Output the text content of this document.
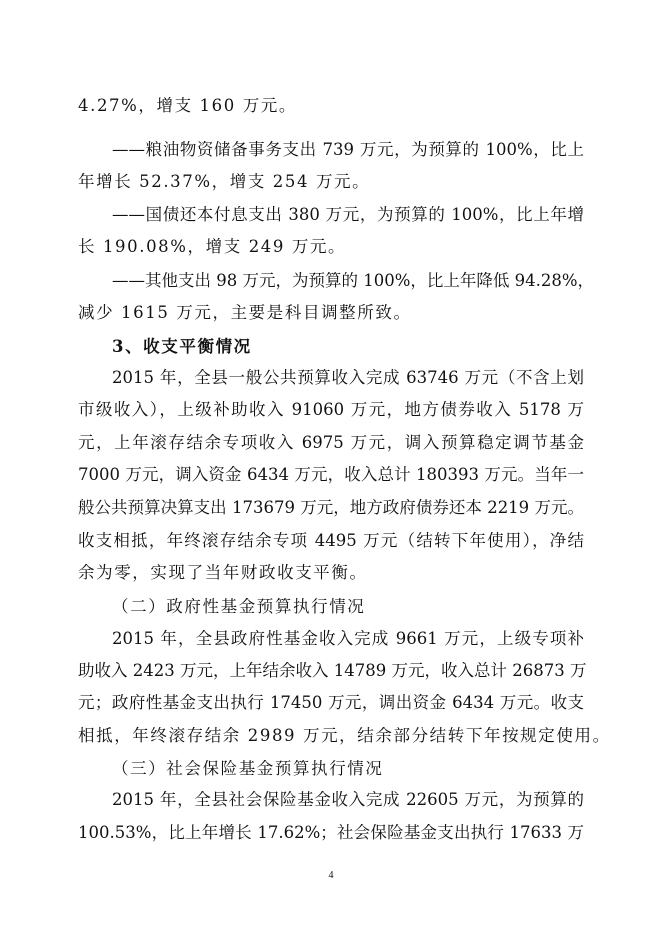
4.27%，增支 160 万元。
——粮油物资储备事务支出 739 万元，为预算的 100%，比上
年增长 52.37%，增支 254 万元。
——国债还本付息支出 380 万元，为预算的 100%，比上年增
长 190.08%，增支 249 万元。
——其他支出 98 万元，为预算的 100%，比上年降低 94.28%，
减少 1615 万元，主要是科目调整所致。
3、收支平衡情况
2015 年，全县一般公共预算收入完成 63746 万元（不含上划
市级收入），上级补助收入 91060 万元，地方债券收入 5178 万
元，上年滚存结余专项收入 6975 万元，调入预算稳定调节基金
7000 万元，调入资金 6434 万元，收入总计 180393 万元。当年一
般公共预算决算支出 173679 万元，地方政府债券还本 2219 万元。
收支相抵，年终滚存结余专项 4495 万元（结转下年使用），净结
余为零，实现了当年财政收支平衡。
（二）政府性基金预算执行情况
2015 年，全县政府性基金收入完成 9661 万元，上级专项补
助收入 2423 万元，上年结余收入 14789 万元，收入总计 26873 万
元；政府性基金支出执行 17450 万元，调出资金 6434 万元。收支
相抵，年终滚存结余 2989 万元，结余部分结转下年按规定使用。
（三）社会保险基金预算执行情况
2015 年，全县社会保险基金收入完成 22605 万元，为预算的
100.53%，比上年增长 17.62%；社会保险基金支出执行 17633 万
4
